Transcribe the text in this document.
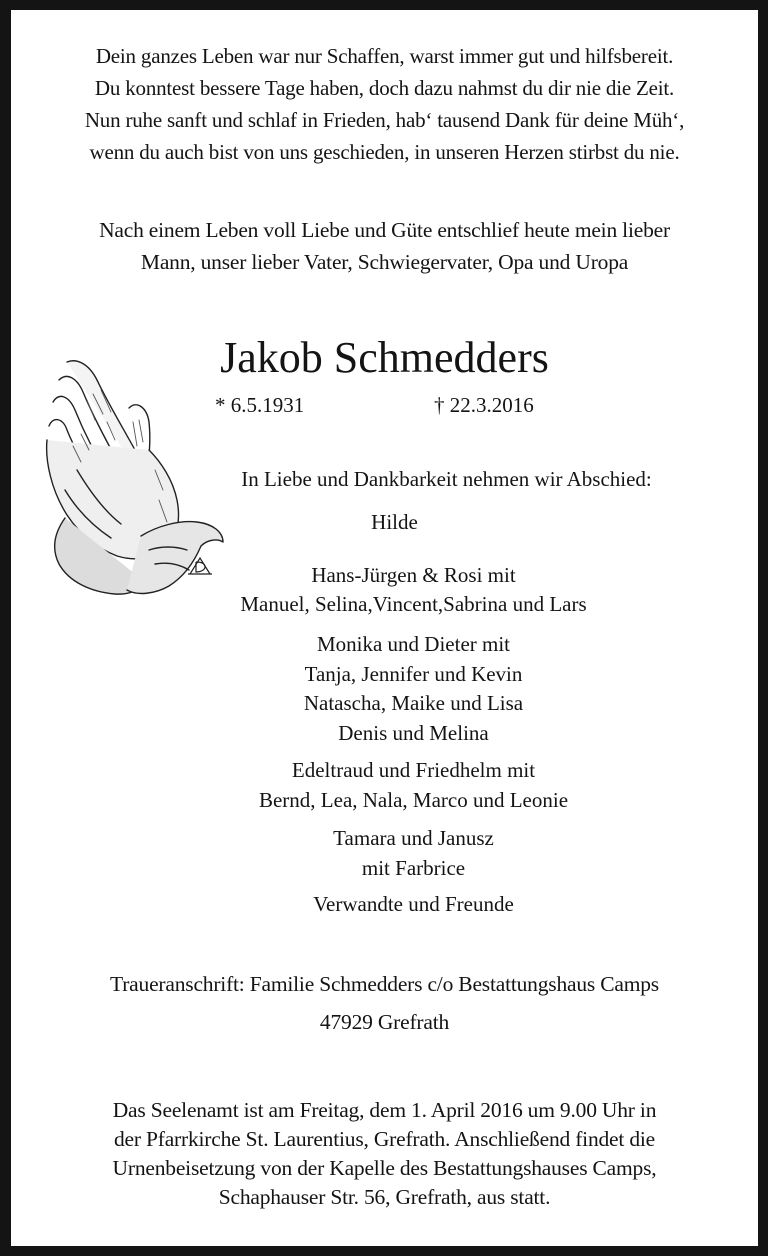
Dein ganzes Leben war nur Schaffen, warst immer gut und hilfsbereit.
Du konntest bessere Tage haben, doch dazu nahmst du dir nie die Zeit.
Nun ruhe sanft und schlaf in Frieden, hab‘ tausend Dank für deine Müh‘,
wenn du auch bist von uns geschieden, in unseren Herzen stirbst du nie.
Nach einem Leben voll Liebe und Güte entschlief heute mein lieber
Mann, unser lieber Vater, Schwiegervater, Opa und Uropa
Jakob Schmedders
* 6.5.1931	† 22.3.2016
In Liebe und Dankbarkeit nehmen wir Abschied:
Hilde
Hans-Jürgen & Rosi mit
Manuel, Selina,Vincent,Sabrina und Lars
Monika und Dieter mit
Tanja, Jennifer und Kevin
Natascha, Maike und Lisa
Denis und Melina
Edeltraud und Friedhelm mit
Bernd, Lea, Nala, Marco und Leonie
Tamara und Janusz
mit Farbrice
Verwandte und Freunde
Traueranschrift: Familie Schmedders c/o Bestattungshaus Camps
47929 Grefrath
Das Seelenamt ist am Freitag, dem 1. April 2016 um 9.00 Uhr in
der Pfarrkirche St. Laurentius, Grefrath. Anschließend findet die
Urnenbeisetzung von der Kapelle des Bestattungshauses Camps,
Schaphauser Str. 56, Grefrath, aus statt.
